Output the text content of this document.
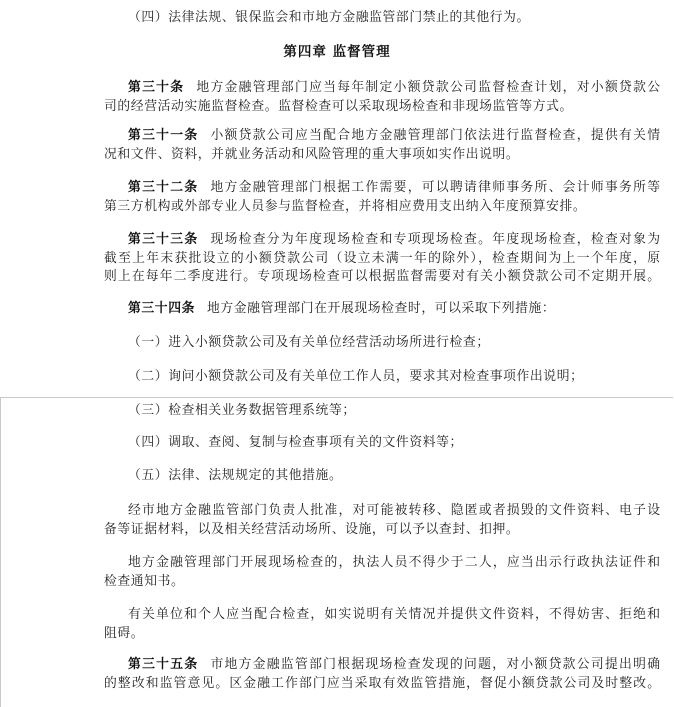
（四）法律法规、银保监会和市地方金融监管部门禁止的其他行为。
第四章 监督管理
第三十条 地方金融管理部门应当每年制定小额贷款公司监督检查计划，对小额贷款公
司的经营活动实施监督检查。监督检查可以采取现场检查和非现场监管等方式。
第三十一条 小额贷款公司应当配合地方金融管理部门依法进行监督检查，提供有关情
况和文件、资料，并就业务活动和风险管理的重大事项如实作出说明。
第三十二条 地方金融管理部门根据工作需要，可以聘请律师事务所、会计师事务所等
第三方机构或外部专业人员参与监督检查，并将相应费用支出纳入年度预算安排。
第三十三条 现场检查分为年度现场检查和专项现场检查。年度现场检查，检查对象为
截至上年末获批设立的小额贷款公司（设立未满一年的除外），检查期间为上一个年度，原
则上在每年二季度进行。专项现场检查可以根据监督需要对有关小额贷款公司不定期开展。
第三十四条 地方金融管理部门在开展现场检查时，可以采取下列措施：
（一）进入小额贷款公司及有关单位经营活动场所进行检查；
（二）询问小额贷款公司及有关单位工作人员，要求其对检查事项作出说明；
（三）检查相关业务数据管理系统等；
（四）调取、查阅、复制与检查事项有关的文件资料等；
（五）法律、法规规定的其他措施。
经市地方金融监管部门负责人批准，对可能被转移、隐匿或者损毁的文件资料、电子设
备等证据材料，以及相关经营活动场所、设施，可以予以查封、扣押。
地方金融管理部门开展现场检查的，执法人员不得少于二人，应当出示行政执法证件和
检查通知书。
有关单位和个人应当配合检查，如实说明有关情况并提供文件资料，不得妨害、拒绝和
阻碍。
第三十五条 市地方金融监管部门根据现场检查发现的问题，对小额贷款公司提出明确
的整改和监管意见。区金融工作部门应当采取有效监管措施，督促小额贷款公司及时整改。
